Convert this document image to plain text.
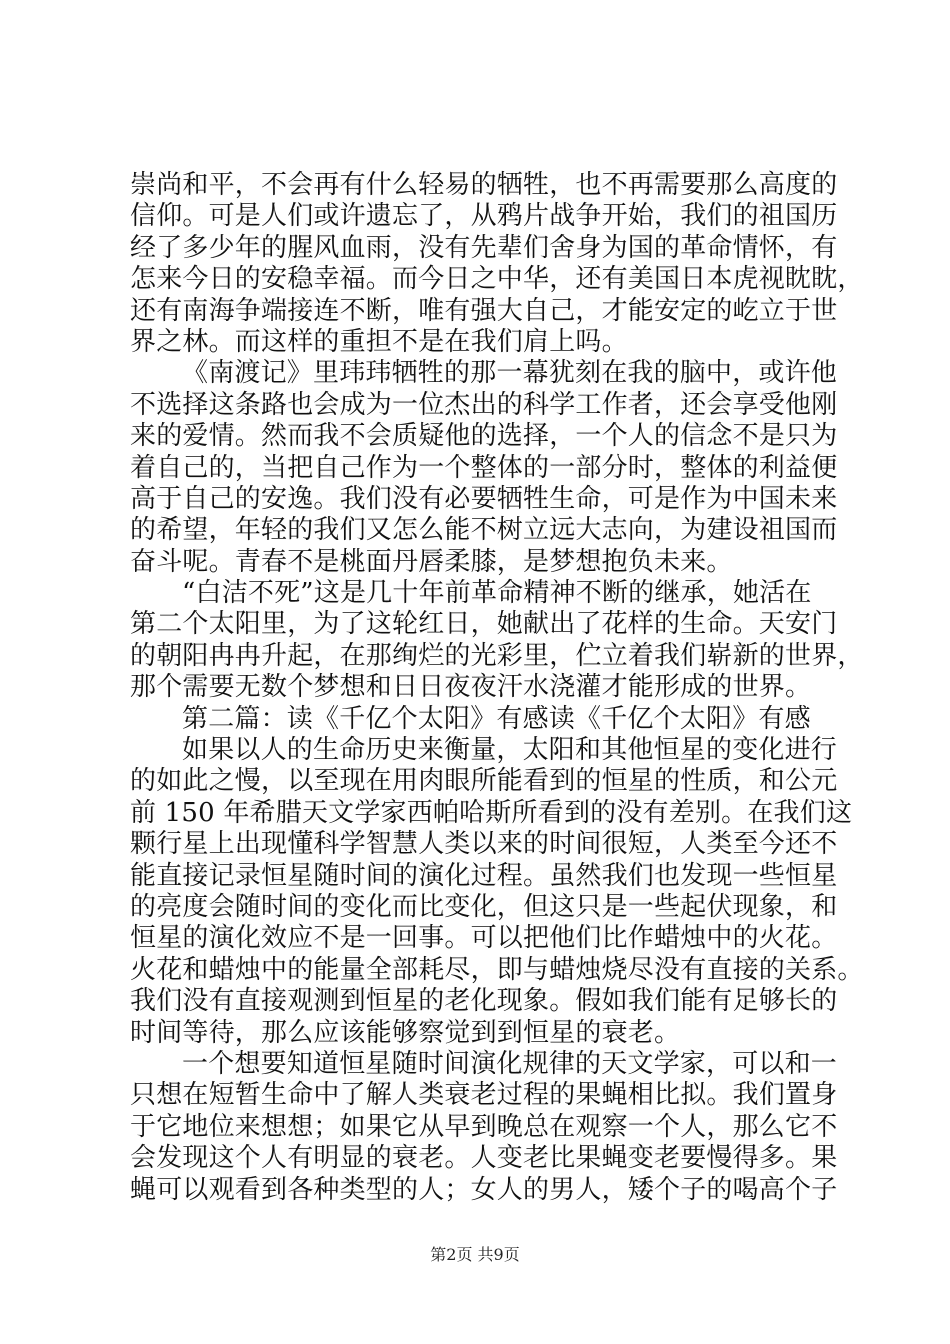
崇尚和平，不会再有什么轻易的牺牲，也不再需要那么高度的
信仰。可是人们或许遗忘了，从鸦片战争开始，我们的祖国历
经了多少年的腥风血雨，没有先辈们舍身为国的革命情怀，有
怎来今日的安稳幸福。而今日之中华，还有美国日本虎视眈眈，
还有南海争端接连不断，唯有强大自己，才能安定的屹立于世
界之林。而这样的重担不是在我们肩上吗。
《南渡记》里玮玮牺牲的那一幕犹刻在我的脑中，或许他
不选择这条路也会成为一位杰出的科学工作者，还会享受他刚
来的爱情。然而我不会质疑他的选择，一个人的信念不是只为
着自己的，当把自己作为一个整体的一部分时，整体的利益便
高于自己的安逸。我们没有必要牺牲生命，可是作为中国未来
的希望，年轻的我们又怎么能不树立远大志向，为建设祖国而
奋斗呢。青春不是桃面丹唇柔膝，是梦想抱负未来。
“白洁不死”这是几十年前革命精神不断的继承，她活在
第二个太阳里，为了这轮红日，她献出了花样的生命。天安门
的朝阳冉冉升起，在那绚烂的光彩里，伫立着我们崭新的世界，
那个需要无数个梦想和日日夜夜汗水浇灌才能形成的世界。
第二篇：读《千亿个太阳》有感读《千亿个太阳》有感
如果以人的生命历史来衡量，太阳和其他恒星的变化进行
的如此之慢，以至现在用肉眼所能看到的恒星的性质，和公元
前 150 年希腊天文学家西帕哈斯所看到的没有差别。在我们这
颗行星上出现懂科学智慧人类以来的时间很短，人类至今还不
能直接记录恒星随时间的演化过程。虽然我们也发现一些恒星
的亮度会随时间的变化而比变化，但这只是一些起伏现象，和
恒星的演化效应不是一回事。可以把他们比作蜡烛中的火花。
火花和蜡烛中的能量全部耗尽，即与蜡烛烧尽没有直接的关系。
我们没有直接观测到恒星的老化现象。假如我们能有足够长的
时间等待，那么应该能够察觉到到恒星的衰老。
一个想要知道恒星随时间演化规律的天文学家，可以和一
只想在短暂生命中了解人类衰老过程的果蝇相比拟。我们置身
于它地位来想想；如果它从早到晚总在观察一个人，那么它不
会发现这个人有明显的衰老。人变老比果蝇变老要慢得多。果
蝇可以观看到各种类型的人；女人的男人，矮个子的喝高个子
第2页 共9页
